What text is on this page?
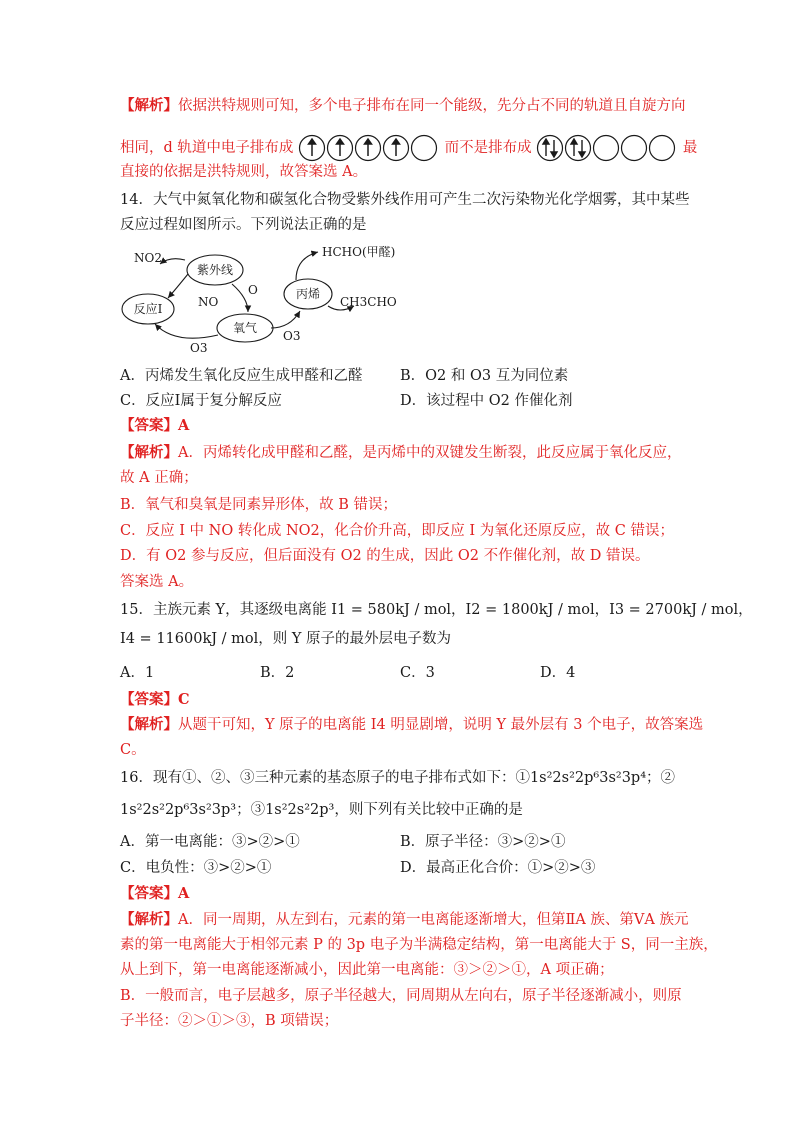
【解析】依据洪特规则可知，多个电子排布在同一个能级，先分占不同的轨道且自旋方向
相同，d 轨道中电子排布成	而不是排布成	最
直接的依据是洪特规则，故答案选 A。
14．大气中氮氧化物和碳氢化合物受紫外线作用可产生二次污染物光化学烟雾，其中某些
反应过程如图所示。下列说法正确的是
紫外线
反应Ⅰ
氧气
丙烯
NO2
NO
O
O3
O3
HCHO(甲醛)
CH3CHO
A．丙烯发生氧化反应生成甲醛和乙醛	B．O2 和 O3 互为同位素
C．反应Ⅰ属于复分解反应	D．该过程中 O2 作催化剂
【答案】A
【解析】A．丙烯转化成甲醛和乙醛，是丙烯中的双键发生断裂，此反应属于氧化反应，
故 A 正确；
B．氧气和臭氧是同素异形体，故 B 错误；
C．反应 I 中 NO 转化成 NO2，化合价升高，即反应 I 为氧化还原反应，故 C 错误；
D．有 O2 参与反应，但后面没有 O2 的生成，因此 O2 不作催化剂，故 D 错误。
答案选 A。
15．主族元素 Y，其逐级电离能 I1 = 580kJ / mol，I2 = 1800kJ / mol，I3 = 2700kJ / mol，
I4 = 11600kJ / mol，则 Y 原子的最外层电子数为
A．1	B．2	C．3	D．4
【答案】C
【解析】从题干可知，Y 原子的电离能 I4 明显剧增，说明 Y 最外层有 3 个电子，故答案选
C。
16．现有①、②、③三种元素的基态原子的电子排布式如下：①1s²2s²2p⁶3s²3p⁴；②
1s²2s²2p⁶3s²3p³；③1s²2s²2p³，则下列有关比较中正确的是
A．第一电离能：③>②>①	B．原子半径：③>②>①
C．电负性：③>②>①	D．最高正化合价：①>②>③
【答案】A
【解析】A．同一周期，从左到右，元素的第一电离能逐渐增大，但第ⅡA 族、第ⅤA 族元
素的第一电离能大于相邻元素 P 的 3p 电子为半满稳定结构，第一电离能大于 S，同一主族，
从上到下，第一电离能逐渐减小，因此第一电离能：③＞②＞①，A 项正确；
B．一般而言，电子层越多，原子半径越大，同周期从左向右，原子半径逐渐减小，则原
子半径：②＞①＞③，B 项错误；
